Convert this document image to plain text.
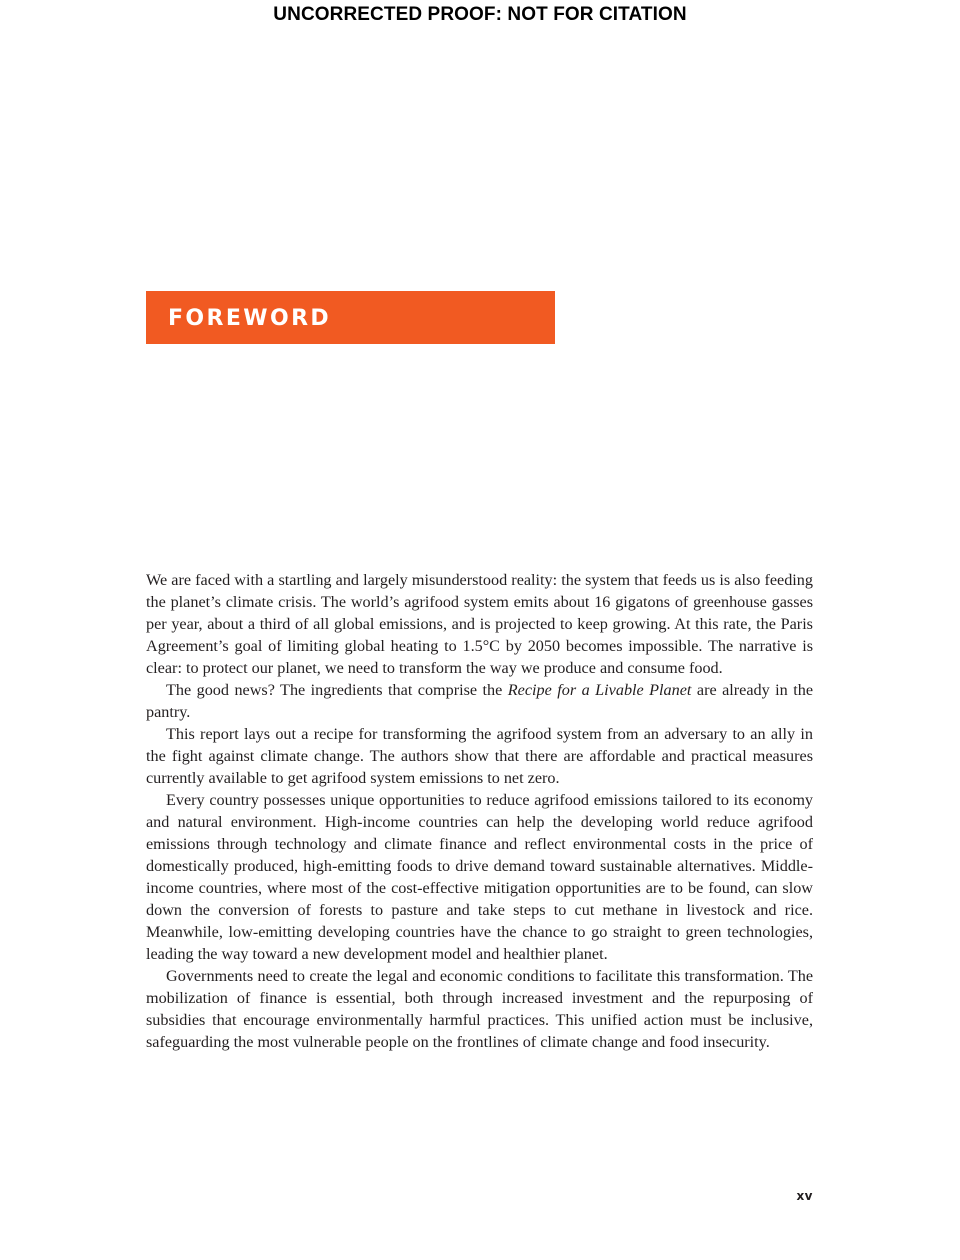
UNCORRECTED PROOF: NOT FOR CITATION
FOREWORD

We are faced with a startling and largely misunderstood reality: the system that feeds us is also feeding the planet’s climate crisis. The world’s agrifood system emits about 16 gigatons of greenhouse gasses per year, about a third of all global emissions, and is projected to keep growing. At this rate, the Paris Agreement’s goal of limiting global heating to 1.5°C by 2050 becomes impossible. The narrative is clear: to protect our planet, we need to transform the way we produce and consume food.

The good news? The ingredients that comprise the Recipe for a Livable Planet are already in the pantry.

This report lays out a recipe for transforming the agrifood system from an adversary to an ally in the fight against climate change. The authors show that there are affordable and practical measures currently available to get agrifood system emissions to net zero.

Every country possesses unique opportunities to reduce agrifood emissions tailored to its economy and natural environment. High-income countries can help the developing world reduce agrifood emissions through technology and climate finance and reflect environmental costs in the price of domestically produced, high-emitting foods to drive demand toward sustainable alternatives. Middle-income countries, where most of the cost-effective mitigation opportunities are to be found, can slow down the conversion of forests to pasture and take steps to cut methane in livestock and rice. Meanwhile, low-emitting developing countries have the chance to go straight to green technologies, leading the way toward a new development model and healthier planet.

Governments need to create the legal and economic conditions to facilitate this transformation. The mobilization of finance is essential, both through increased investment and the repurposing of subsidies that encourage environmentally harmful practices. This unified action must be inclusive, safeguarding the most vulnerable people on the frontlines of climate change and food insecurity.

xv
